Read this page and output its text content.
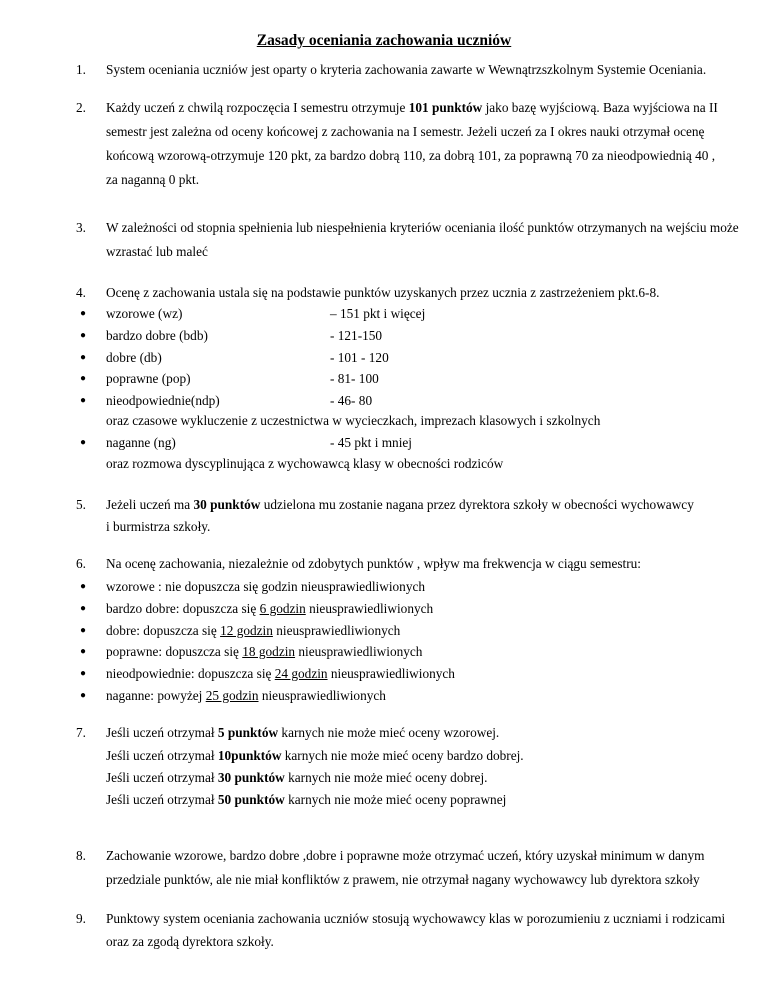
Zasady oceniania zachowania uczniów
1. System oceniania uczniów jest oparty o kryteria zachowania zawarte w Wewnątrzszkolnym Systemie Oceniania.
2. Każdy uczeń z chwilą rozpoczęcia I semestru otrzymuje 101 punktów jako bazę wyjściową. Baza wyjściowa na II
semestr jest zależna od oceny końcowej z zachowania na I semestr. Jeżeli uczeń za I okres nauki otrzymał ocenę
końcową wzorową-otrzymuje 120 pkt, za bardzo dobrą 110, za dobrą 101, za poprawną 70 za nieodpowiednią 40 ,
za naganną 0 pkt.
3. W zależności od stopnia spełnienia lub niespełnienia kryteriów oceniania ilość punktów otrzymanych na wejściu może
wzrastać lub maleć
4. Ocenę z zachowania ustala się na podstawie punktów uzyskanych przez ucznia z zastrzeżeniem pkt.6-8.
● wzorowe (wz)	– 151 pkt i więcej
● bardzo dobre (bdb)	- 121-150
● dobre (db)	- 101 - 120
● poprawne (pop)	- 81- 100
● nieodpowiednie(ndp)	- 46- 80
oraz czasowe wykluczenie z uczestnictwa w wycieczkach, imprezach klasowych i szkolnych
● naganne (ng)	- 45 pkt i mniej
oraz rozmowa dyscyplinująca z wychowawcą klasy w obecności rodziców
5. Jeżeli uczeń ma 30 punktów udzielona mu zostanie nagana przez dyrektora szkoły w obecności wychowawcy
i burmistrza szkoły.
6. Na ocenę zachowania, niezależnie od zdobytych punktów , wpływ ma frekwencja w ciągu semestru:
● wzorowe : nie dopuszcza się godzin nieusprawiedliwionych
● bardzo dobre: dopuszcza się 6 godzin nieusprawiedliwionych
● dobre: dopuszcza się 12 godzin nieusprawiedliwionych
● poprawne: dopuszcza się 18 godzin nieusprawiedliwionych
● nieodpowiednie: dopuszcza się 24 godzin nieusprawiedliwionych
● naganne: powyżej 25 godzin nieusprawiedliwionych
7. Jeśli uczeń otrzymał 5 punktów karnych nie może mieć oceny wzorowej.
Jeśli uczeń otrzymał 10punktów karnych nie może mieć oceny bardzo dobrej.
Jeśli uczeń otrzymał 30 punktów karnych nie może mieć oceny dobrej.
Jeśli uczeń otrzymał 50 punktów karnych nie może mieć oceny poprawnej
8. Zachowanie wzorowe, bardzo dobre ,dobre i poprawne może otrzymać uczeń, który uzyskał minimum w danym
przedziale punktów, ale nie miał konfliktów z prawem, nie otrzymał nagany wychowawcy lub dyrektora szkoły
9. Punktowy system oceniania zachowania uczniów stosują wychowawcy klas w porozumieniu z uczniami i rodzicami
oraz za zgodą dyrektora szkoły.
